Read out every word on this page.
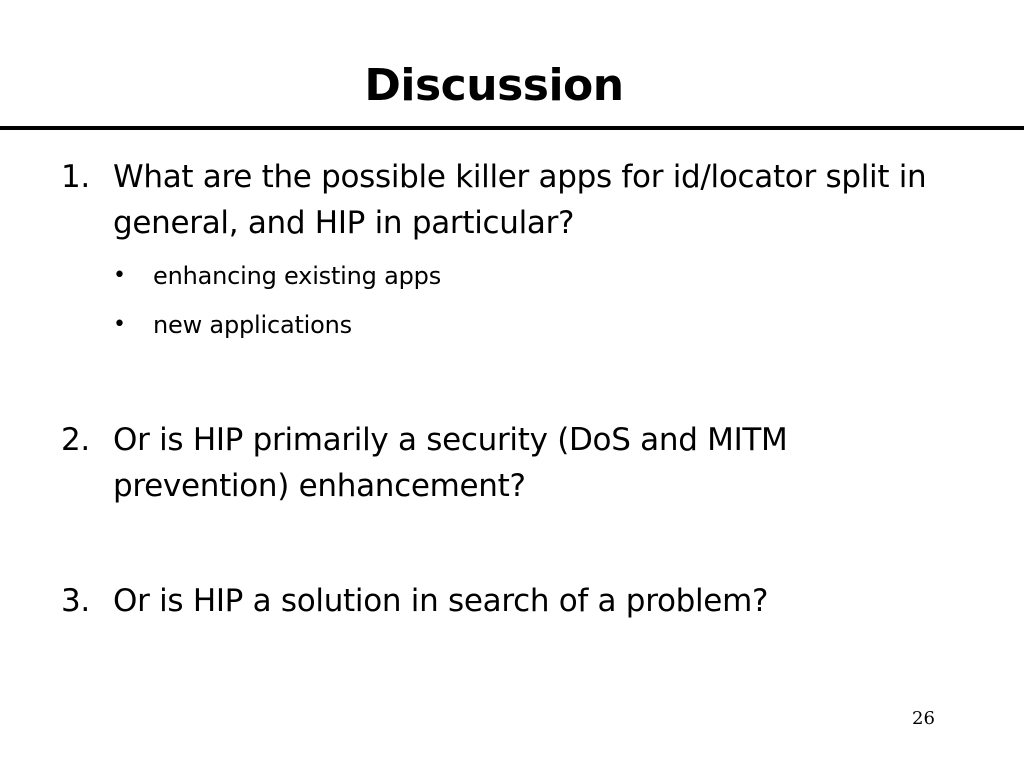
Discussion
1. What are the possible killer apps for id/locator split in general, and HIP in particular?
• enhancing existing apps
• new applications
2. Or is HIP primarily a security (DoS and MITM prevention) enhancement?
3. Or is HIP a solution in search of a problem?
26
